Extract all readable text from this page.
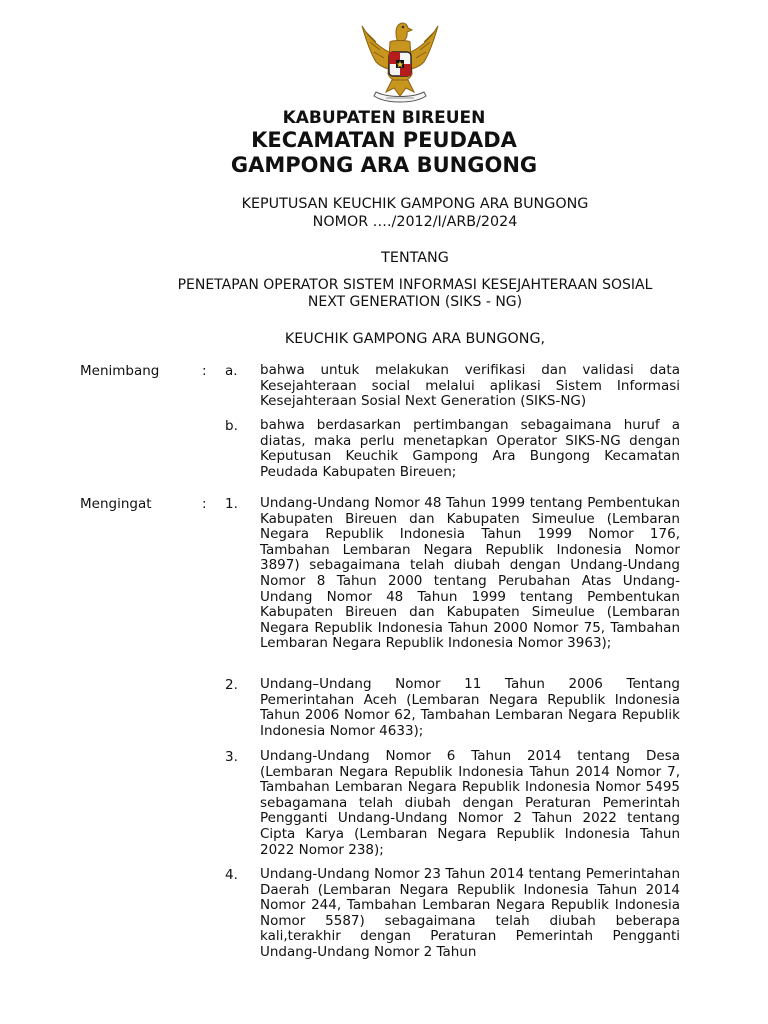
KABUPATEN BIREUEN
KECAMATAN PEUDADA
GAMPONG ARA BUNGONG
KEPUTUSAN KEUCHIK GAMPONG ARA BUNGONG
NOMOR …./2012/I/ARB/2024
TENTANG
PENETAPAN OPERATOR SISTEM INFORMASI KESEJAHTERAAN SOSIAL
NEXT GENERATION (SIKS - NG)
KEUCHIK GAMPONG ARA BUNGONG,
Menimbang	: a. bahwa untuk melakukan verifikasi dan validasi data Kesejahteraan social melalui aplikasi Sistem Informasi Kesejahteraan Sosial Next Generation (SIKS-NG)
b. bahwa berdasarkan pertimbangan sebagaimana huruf a diatas, maka perlu menetapkan Operator SIKS-NG dengan Keputusan Keuchik Gampong Ara Bungong Kecamatan Peudada Kabupaten Bireuen;
Mengingat	: 1. Undang-Undang Nomor 48 Tahun 1999 tentang Pembentukan Kabupaten Bireuen dan Kabupaten Simeulue (Lembaran Negara Republik Indonesia Tahun 1999 Nomor 176, Tambahan Lembaran Negara Republik Indonesia Nomor 3897) sebagaimana telah diubah dengan Undang-Undang Nomor 8 Tahun 2000 tentang Perubahan Atas Undang-Undang Nomor 48 Tahun 1999 tentang Pembentukan Kabupaten Bireuen dan Kabupaten Simeulue (Lembaran Negara Republik Indonesia Tahun 2000 Nomor 75, Tambahan Lembaran Negara Republik Indonesia Nomor 3963);
2. Undang–Undang Nomor 11 Tahun 2006 Tentang Pemerintahan Aceh (Lembaran Negara Republik Indonesia Tahun 2006 Nomor 62, Tambahan Lembaran Negara Republik Indonesia Nomor 4633);
3. Undang-Undang Nomor 6 Tahun 2014 tentang Desa (Lembaran Negara Republik Indonesia Tahun 2014 Nomor 7, Tambahan Lembaran Negara Republik Indonesia Nomor 5495 sebagamana telah diubah dengan Peraturan Pemerintah Pengganti Undang-Undang Nomor 2 Tahun 2022 tentang Cipta Karya (Lembaran Negara Republik Indonesia Tahun 2022 Nomor 238);
4. Undang-Undang Nomor 23 Tahun 2014 tentang Pemerintahan Daerah (Lembaran Negara Republik Indonesia Tahun 2014 Nomor 244, Tambahan Lembaran Negara Republik Indonesia Nomor 5587) sebagaimana telah diubah beberapa kali,terakhir dengan Peraturan Pemerintah Pengganti Undang-Undang Nomor 2 Tahun
